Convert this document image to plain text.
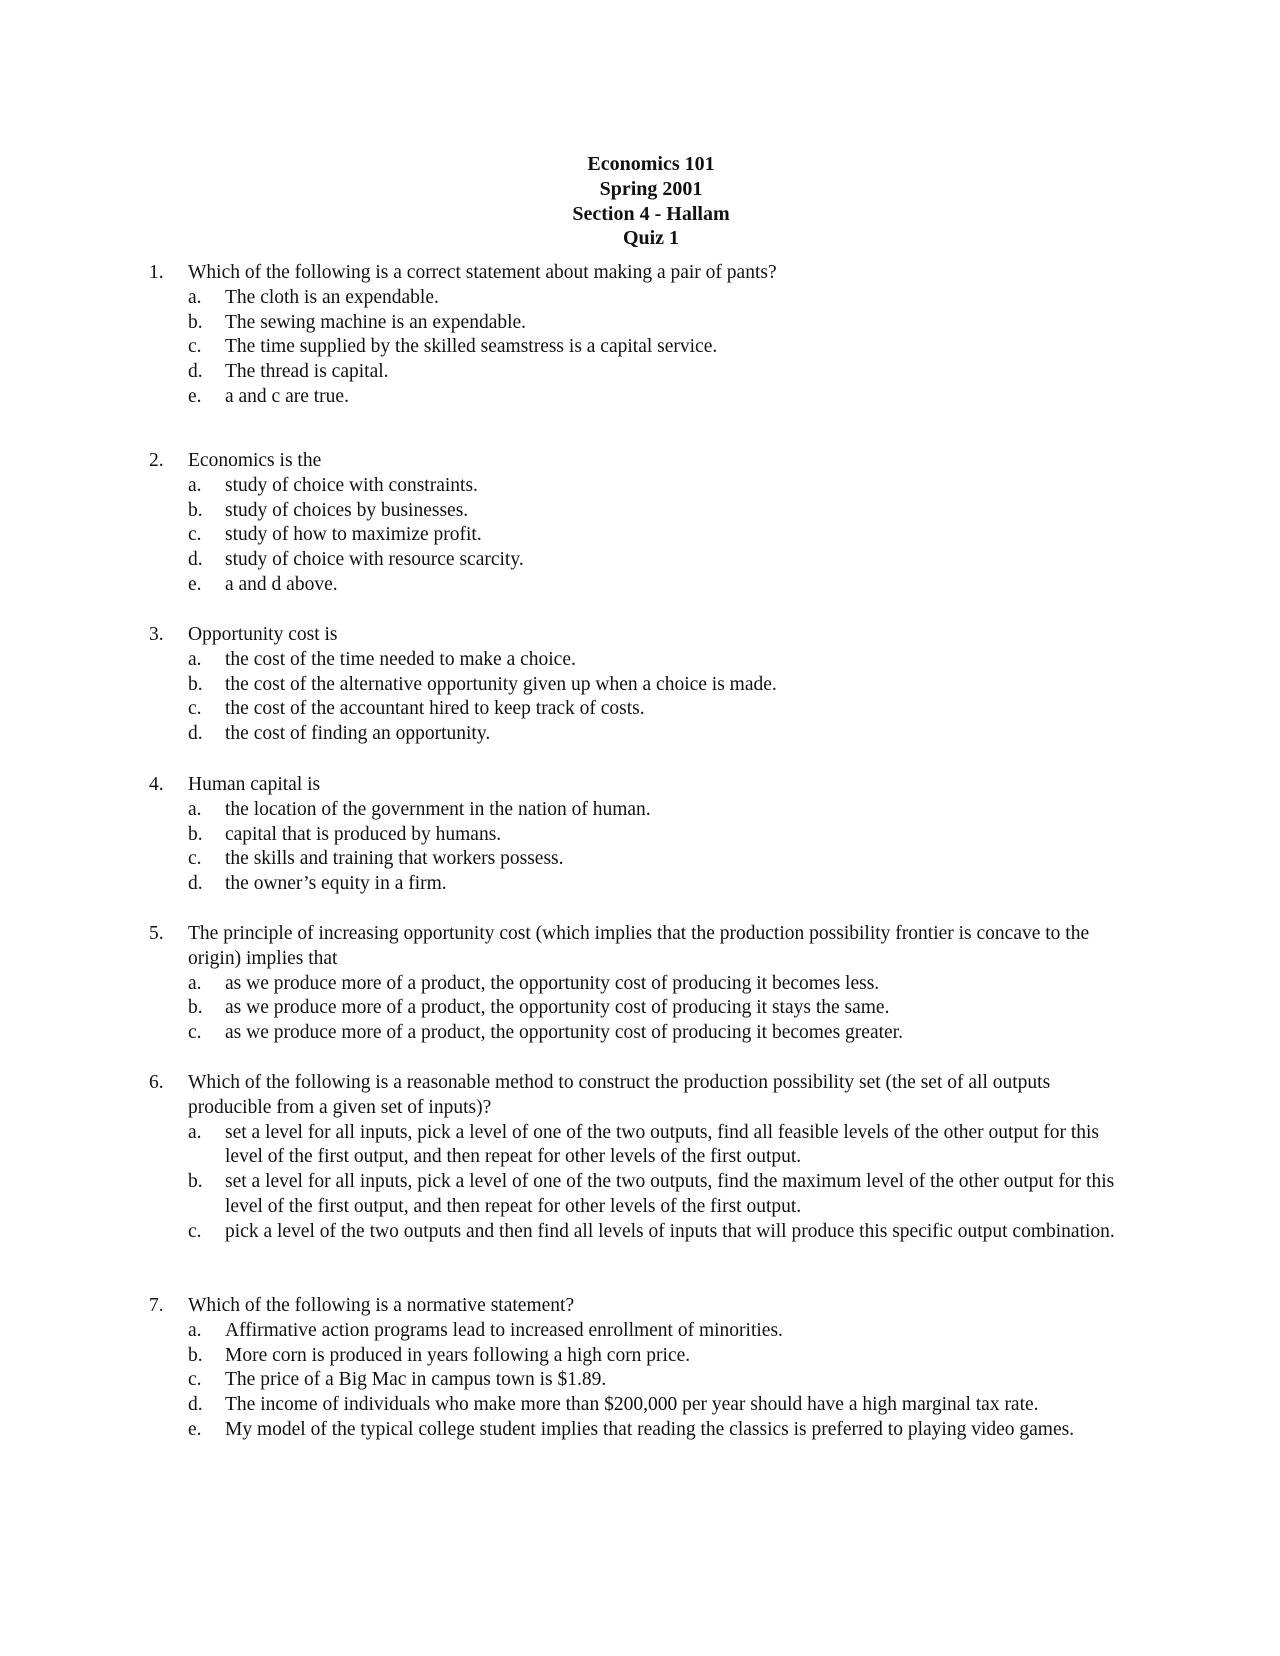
Economics 101
Spring 2001
Section 4 - Hallam
Quiz 1
1.	Which of the following is a correct statement about making a pair of pants?
a.	The cloth is an expendable.
b.	The sewing machine is an expendable.
c.	The time supplied by the skilled seamstress is a capital service.
d.	The thread is capital.
e.	a and c are true.
2.	Economics is the
a.	study of choice with constraints.
b.	study of choices by businesses.
c.	study of how to maximize profit.
d.	study of choice with resource scarcity.
e.	a and d above.
3.	Opportunity cost is
a.	the cost of the time needed to make a choice.
b.	the cost of the alternative opportunity given up when a choice is made.
c.	the cost of the accountant hired to keep track of costs.
d.	the cost of finding an opportunity.
4.	Human capital is
a.	the location of the government in the nation of human.
b.	capital that is produced by humans.
c.	the skills and training that workers possess.
d.	the owner’s equity in a firm.
5.	The principle of increasing opportunity cost (which implies that the production possibility frontier is concave to the origin) implies that
a.	as we produce more of a product, the opportunity cost of producing it becomes less.
b.	as we produce more of a product, the opportunity cost of producing it stays the same.
c.	as we produce more of a product, the opportunity cost of producing it becomes greater.
6.	Which of the following is a reasonable method to construct the production possibility set (the set of all outputs producible from a given set of inputs)?
a.	set a level for all inputs, pick a level of one of the two outputs, find all feasible levels of the other output for this level of the first output, and then repeat for other levels of the first output.
b.	set a level for all inputs, pick a level of one of the two outputs, find the maximum level of the other output for this level of the first output, and then repeat for other levels of the first output.
c.	pick a level of the two outputs and then find all levels of inputs that will produce this specific output combination.
7.	Which of the following is a normative statement?
a.	Affirmative action programs lead to increased enrollment of minorities.
b.	More corn is produced in years following a high corn price.
c.	The price of a Big Mac in campus town is $1.89.
d.	The income of individuals who make more than $200,000 per year should have a high marginal tax rate.
e.	My model of the typical college student implies that reading the classics is preferred to playing video games.
